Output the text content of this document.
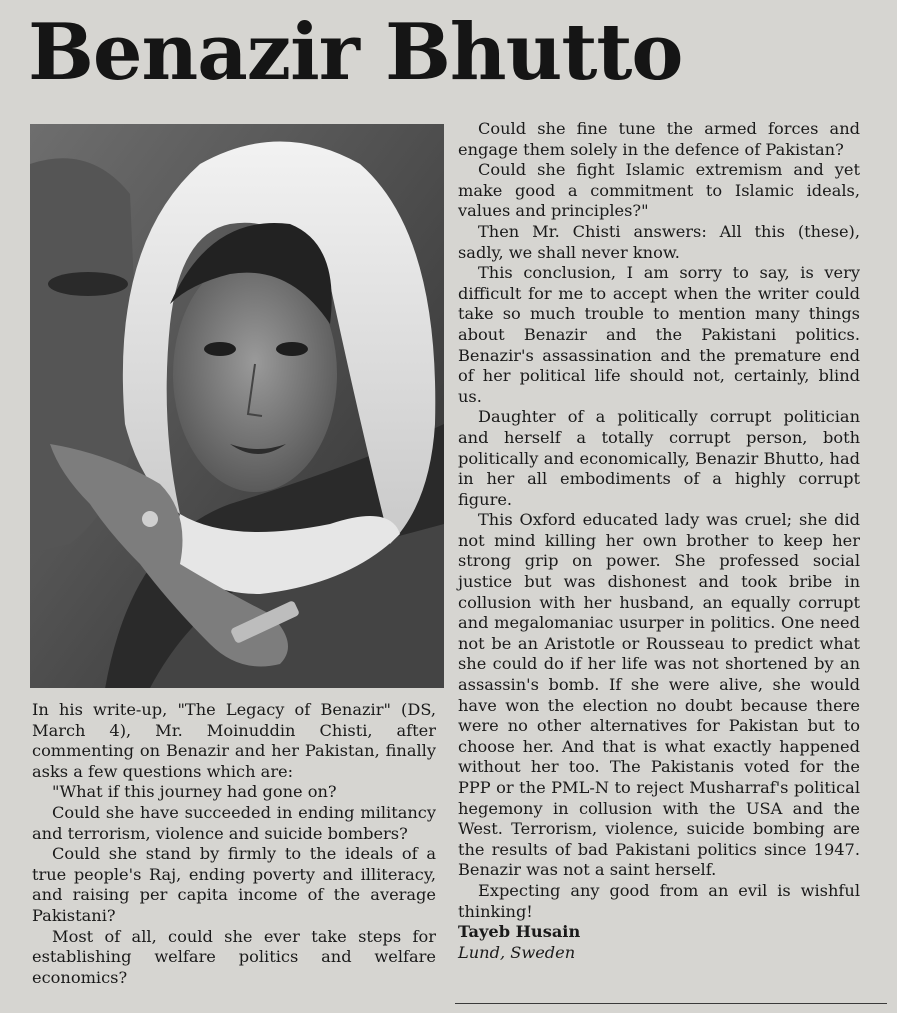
Benazir Bhutto

In his write-up, "The Legacy of Benazir" (DS, March 4), Mr. Moinuddin Chisti, after commenting on Benazir and her Pakistan, finally asks a few questions which are:

"What if this journey had gone on?

Could she have succeeded in ending militancy and terrorism, violence and suicide bombers?

Could she stand by firmly to the ideals of a true people's Raj, ending poverty and illiteracy, and raising per capita income of the average Pakistani?

Most of all, could she ever take steps for establishing welfare politics and welfare economics?

Could she fine tune the armed forces and engage them solely in the defence of Pakistan?

Could she fight Islamic extremism and yet make good a commitment to Islamic ideals, values and principles?"

Then Mr. Chisti answers: All this (these), sadly, we shall never know.

This conclusion, I am sorry to say, is very difficult for me to accept when the writer could take so much trouble to mention many things about Benazir and the Pakistani politics. Benazir's assassination and the premature end of her political life should not, certainly, blind us.

Daughter of a politically corrupt politician and herself a totally corrupt person, both politically and economically, Benazir Bhutto, had in her all embodiments of a highly corrupt figure.

This Oxford educated lady was cruel; she did not mind killing her own brother to keep her strong grip on power. She professed social justice but was dishonest and took bribe in collusion with her husband, an equally corrupt and megalomaniac usurper in politics. One need not be an Aristotle or Rousseau to predict what she could do if her life was not shortened by an assassin's bomb. If she were alive, she would have won the election no doubt because there were no other alternatives for Pakistan but to choose her. And that is what exactly happened without her too. The Pakistanis voted for the PPP or the PML-N to reject Musharraf's political hegemony in collusion with the USA and the West. Terrorism, violence, suicide bombing are the results of bad Pakistani politics since 1947. Benazir was not a saint herself.

Expecting any good from an evil is wishful thinking!

Tayeb Husain

Lund, Sweden
